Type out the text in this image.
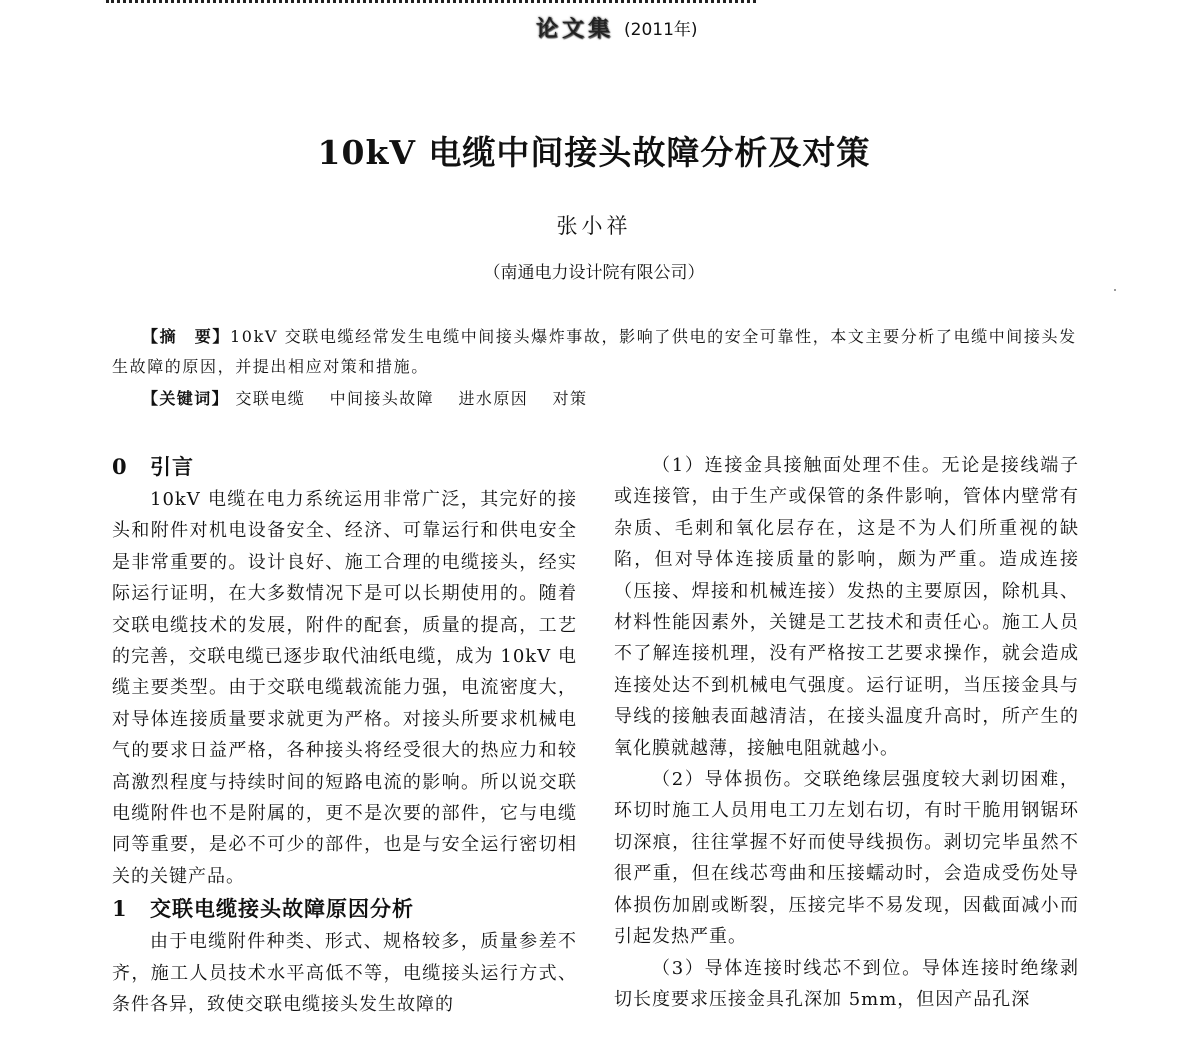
论文集 (2011年)
10kV 电缆中间接头故障分析及对策
张小祥
（南通电力设计院有限公司）
【摘　要】10kV 交联电缆经常发生电缆中间接头爆炸事故，影响了供电的安全可靠性，本文主要分析了电缆中间接头发生故障的原因，并提出相应对策和措施。
【关键词】 交联电缆 中间接头故障 进水原因 对策
0 引言

10kV 电缆在电力系统运用非常广泛，其完好的接头和附件对机电设备安全、经济、可靠运行和供电安全是非常重要的。设计良好、施工合理的电缆接头，经实际运行证明，在大多数情况下是可以长期使用的。随着交联电缆技术的发展，附件的配套，质量的提高，工艺的完善，交联电缆已逐步取代油纸电缆，成为 10kV 电缆主要类型。由于交联电缆载流能力强，电流密度大，对导体连接质量要求就更为严格。对接头所要求机械电气的要求日益严格，各种接头将经受很大的热应力和较高激烈程度与持续时间的短路电流的影响。所以说交联电缆附件也不是附属的，更不是次要的部件，它与电缆同等重要，是必不可少的部件，也是与安全运行密切相关的关键产品。

1 交联电缆接头故障原因分析

由于电缆附件种类、形式、规格较多，质量参差不齐，施工人员技术水平高低不等，电缆接头运行方式、条件各异，致使交联电缆接头发生故障的

（1）连接金具接触面处理不佳。无论是接线端子或连接管，由于生产或保管的条件影响，管体内壁常有杂质、毛刺和氧化层存在，这是不为人们所重视的缺陷，但对导体连接质量的影响，颇为严重。造成连接（压接、焊接和机械连接）发热的主要原因，除机具、材料性能因素外，关键是工艺技术和责任心。施工人员不了解连接机理，没有严格按工艺要求操作，就会造成连接处达不到机械电气强度。运行证明，当压接金具与导线的接触表面越清洁，在接头温度升高时，所产生的氧化膜就越薄，接触电阻就越小。

（2）导体损伤。交联绝缘层强度较大剥切困难，环切时施工人员用电工刀左划右切，有时干脆用钢锯环切深痕，往往掌握不好而使导线损伤。剥切完毕虽然不很严重，但在线芯弯曲和压接蠕动时，会造成受伤处导体损伤加剧或断裂，压接完毕不易发现，因截面减小而引起发热严重。

（3）导体连接时线芯不到位。导体连接时绝缘剥切长度要求压接金具孔深加 5mm，但因产品孔深
